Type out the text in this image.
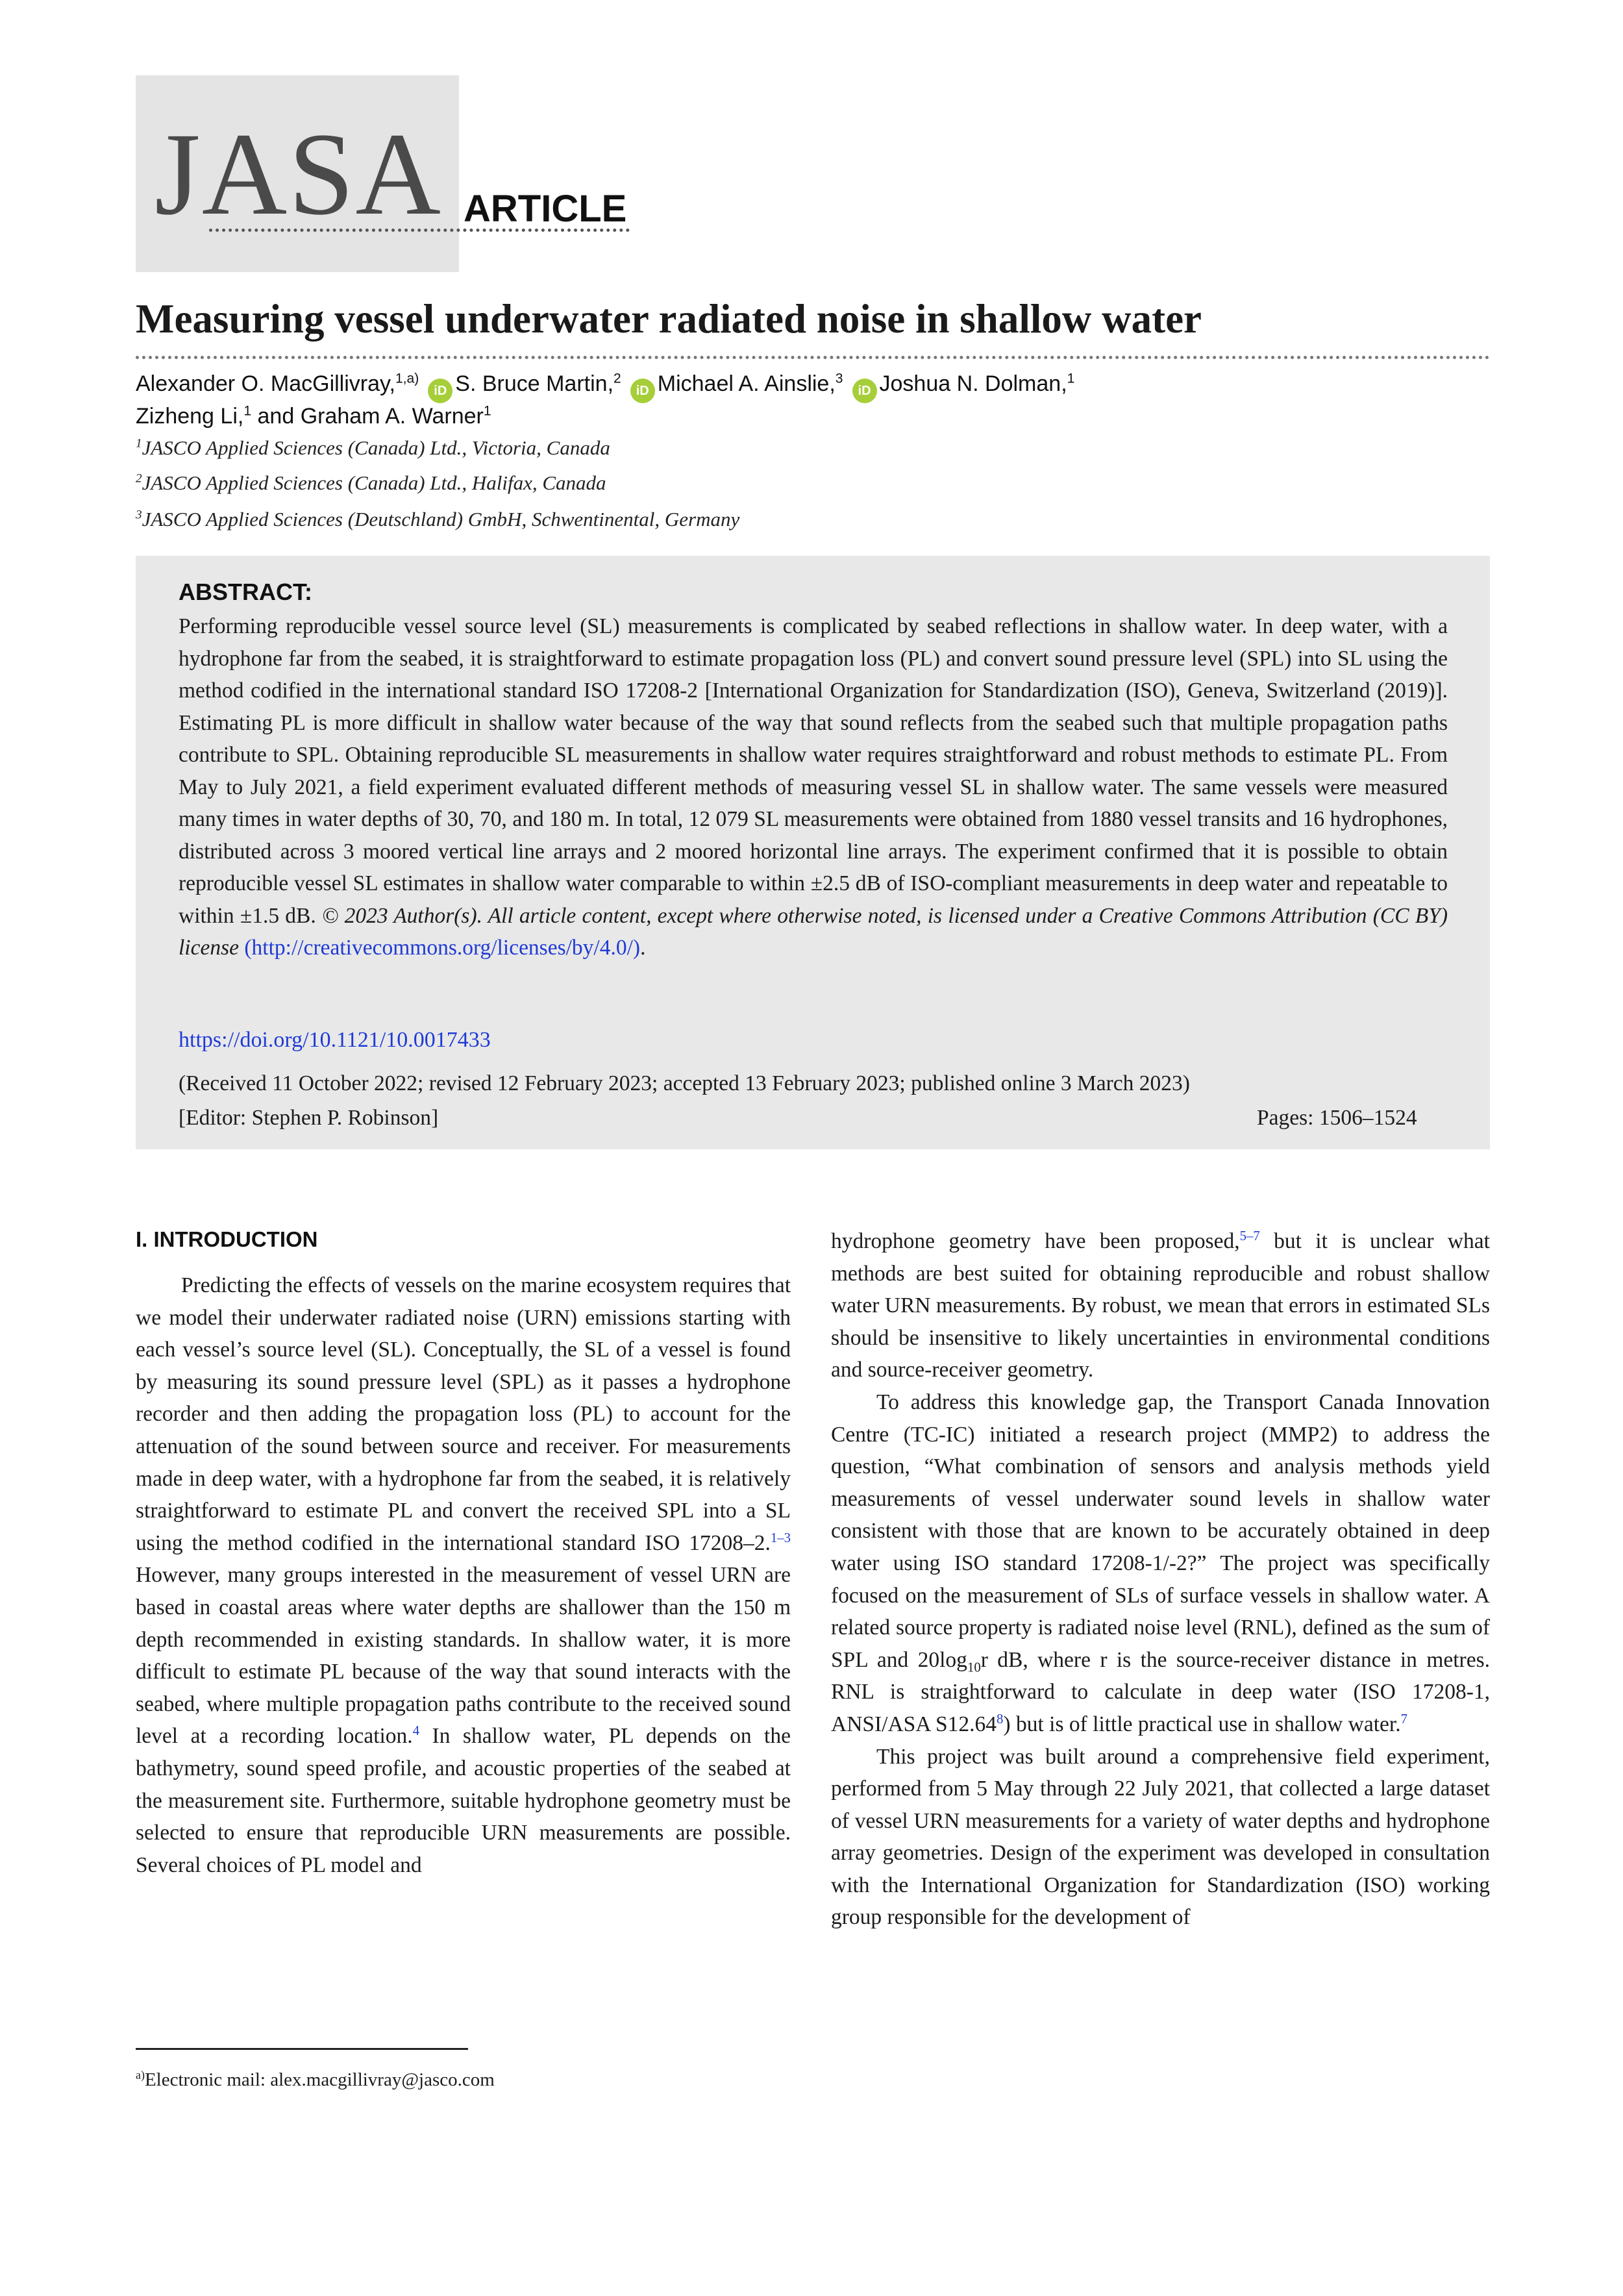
JASA ARTICLE
Measuring vessel underwater radiated noise in shallow water
Alexander O. MacGillivray,$^{1,a)}$iD S. Bruce Martin,$^2$iD Michael A. Ainslie,$^3$iD Joshua N. Dolman,$^1$
Zizheng Li,$^1$ and Graham A. Warner$^1$
$^1$JASCO Applied Sciences (Canada) Ltd., Victoria, Canada
$^2$JASCO Applied Sciences (Canada) Ltd., Halifax, Canada
$^3$JASCO Applied Sciences (Deutschland) GmbH, Schwentinental, Germany
ABSTRACT:
Performing reproducible vessel source level (SL) measurements is complicated by seabed reflections in shallow water. In deep water, with a hydrophone far from the seabed, it is straightforward to estimate propagation loss (PL) and convert sound pressure level (SPL) into SL using the method codified in the international standard ISO 17208-2 [International Organization for Standardization (ISO), Geneva, Switzerland (2019)]. Estimating PL is more difficult in shallow water because of the way that sound reflects from the seabed such that multiple propagation paths contribute to SPL. Obtaining reproducible SL measurements in shallow water requires straightforward and robust methods to estimate PL. From May to July 2021, a field experiment evaluated different methods of measuring vessel SL in shallow water. The same vessels were measured many times in water depths of 30, 70, and 180 m. In total, 12 079 SL measurements were obtained from 1880 vessel transits and 16 hydrophones, distributed across 3 moored vertical line arrays and 2 moored horizontal line arrays. The experiment confirmed that it is possible to obtain reproducible vessel SL estimates in shallow water comparable to within ±2.5 dB of ISO-compliant measurements in deep water and repeatable to within ±1.5 dB. © 2023 Author(s). All article content, except where otherwise noted, is licensed under a Creative Commons Attribution (CC BY) license (http://creativecommons.org/licenses/by/4.0/).
https://doi.org/10.1121/10.0017433
(Received 11 October 2022; revised 12 February 2023; accepted 13 February 2023; published online 3 March 2023)
[Editor: Stephen P. Robinson]	Pages: 1506–1524
I. INTRODUCTION

Predicting the effects of vessels on the marine ecosystem requires that we model their underwater radiated noise (URN) emissions starting with each vessel’s source level (SL). Conceptually, the SL of a vessel is found by measuring its sound pressure level (SPL) as it passes a hydrophone recorder and then adding the propagation loss (PL) to account for the attenuation of the sound between source and receiver. For measurements made in deep water, with a hydrophone far from the seabed, it is relatively straightforward to estimate PL and convert the received SPL into a SL using the method codified in the international standard ISO 17208–2.$^{1-3}$ However, many groups interested in the measurement of vessel URN are based in coastal areas where water depths are shallower than the 150 m depth recommended in existing standards. In shallow water, it is more difficult to estimate PL because of the way that sound interacts with the seabed, where multiple propagation paths contribute to the received sound level at a recording location.$^4$ In shallow water, PL depends on the bathymetry, sound speed profile, and acoustic properties of the seabed at the measurement site. Furthermore, suitable hydrophone geometry must be selected to ensure that reproducible URN measurements are possible. Several choices of PL model and

hydrophone geometry have been proposed,$^{5-7}$ but it is unclear what methods are best suited for obtaining reproducible and robust shallow water URN measurements. By robust, we mean that errors in estimated SLs should be insensitive to likely uncertainties in environmental conditions and source-receiver geometry.

To address this knowledge gap, the Transport Canada Innovation Centre (TC-IC) initiated a research project (MMP2) to address the question, “What combination of sensors and analysis methods yield measurements of vessel underwater sound levels in shallow water consistent with those that are known to be accurately obtained in deep water using ISO standard 17208-1/-2?” The project was specifically focused on the measurement of SLs of surface vessels in shallow water. A related source property is radiated noise level (RNL), defined as the sum of SPL and $20\log_{10}r$ dB, where r is the source-receiver distance in metres. RNL is straightforward to calculate in deep water (ISO 17208-1, ANSI/ASA S12.64$^8$) but is of little practical use in shallow water.$^7$

This project was built around a comprehensive field experiment, performed from 5 May through 22 July 2021, that collected a large dataset of vessel URN measurements for a variety of water depths and hydrophone array geometries. Design of the experiment was developed in consultation with the International Organization for Standardization (ISO) working group responsible for the development of

$^{a)}$Electronic mail: alex.macgillivray@jasco.com
